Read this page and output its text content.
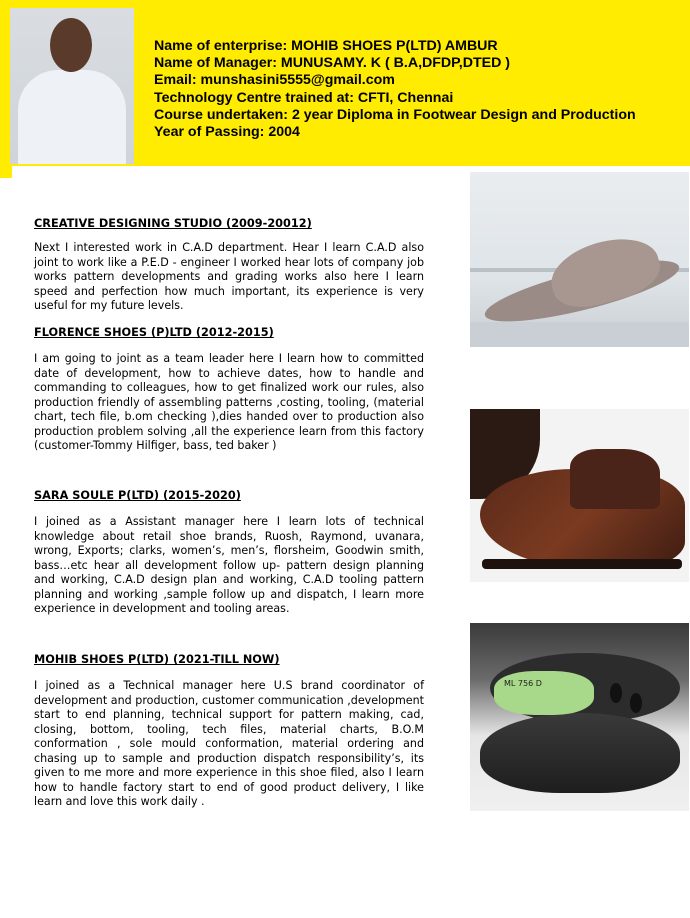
Name of enterprise: MOHIB SHOES P(LTD) AMBUR
Name of Manager: MUNUSAMY. K ( B.A,DFDP,DTED )
Email: munshasini5555@gmail.com
Technology Centre trained at: CFTI, Chennai
Course undertaken: 2 year Diploma in Footwear Design and Production
Year of Passing: 2004
CREATIVE DESIGNING STUDIO (2009-20012)
Next I interested work in C.A.D department. Hear I learn C.A.D also joint to work like a P.E.D - engineer I worked hear lots of company job works pattern developments and grading works also here I learn speed and perfection how much important, its experience is very useful for my future levels.
FLORENCE SHOES (P)LTD (2012-2015)
I am going to joint as a team leader here I learn how to committed date of development, how to achieve dates, how to handle and commanding to colleagues, how to get finalized work our rules, also production friendly of assembling patterns ,costing, tooling, (material chart, tech file, b.om checking ),dies handed over to production also production problem solving ,all the experience learn from this factory (customer-Tommy Hilfiger, bass, ted baker )
SARA SOULE P(LTD) (2015-2020)
I joined as a Assistant manager here I learn lots of technical knowledge about retail shoe brands, Ruosh, Raymond, uvanara, wrong, Exports; clarks, women’s, men’s, florsheim, Goodwin smith, bass…etc hear all development follow up- pattern design planning and working, C.A.D design plan and working, C.A.D tooling pattern planning and working ,sample follow up and dispatch, I learn more experience in development and tooling areas.
MOHIB SHOES P(LTD) (2021-TILL NOW)
I joined as a Technical manager here U.S brand coordinator of development and production, customer communication ,development start to end planning, technical support for pattern making, cad, closing, bottom, tooling, tech files, material charts, B.O.M conformation , sole mould conformation, material ordering and chasing up to sample and production dispatch responsibility’s, its given to me more and more experience in this shoe filed, also I learn how to handle factory start to end of good product delivery, I like learn and love this work daily .
ML 756 D
